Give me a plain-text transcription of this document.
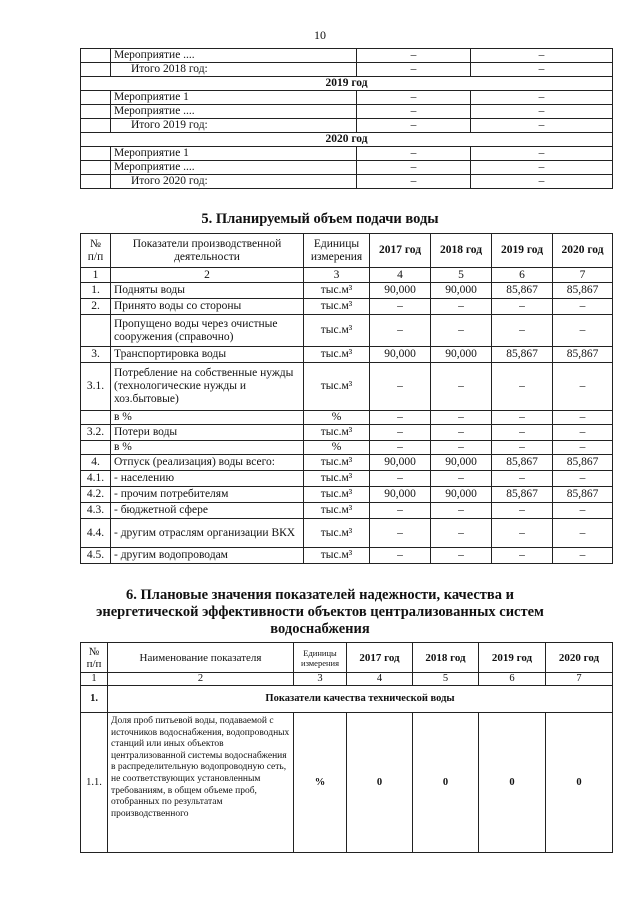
10
	Мероприятие ....	–	–
	Итого 2018 год:	–	–
2019 год			
	Мероприятие 1	–	–
	Мероприятие ....	–	–
	Итого 2019 год:	–	–
2020 год			
	Мероприятие 1	–	–
	Мероприятие ....	–	–
	Итого 2020 год:	–	–
5. Планируемый объем подачи воды
№ п/п	Показатели производственной деятельности	Единицы измерения	2017 год	2018 год	2019 год	2020 год
1	2	3	4	5	6	7
1.	Подняты воды	тыс.м³	90,000	90,000	85,867	85,867
2.	Принято воды со стороны	тыс.м³	–	–	–	–
	Пропущено воды через очистные сооружения (справочно)	тыс.м³	–	–	–	–
3.	Транспортировка воды	тыс.м³	90,000	90,000	85,867	85,867
3.1.	Потребление на собственные нужды (технологические нужды и хоз.бытовые)	тыс.м³	–	–	–	–
	в %	%	–	–	–	–
3.2.	Потери воды	тыс.м³	–	–	–	–
	в %	%	–	–	–	–
4.	Отпуск (реализация) воды всего:	тыс.м³	90,000	90,000	85,867	85,867
4.1.	- населению	тыс.м³	–	–	–	–
4.2.	- прочим потребителям	тыс.м³	90,000	90,000	85,867	85,867
4.3.	- бюджетной сфере	тыс.м³	–	–	–	–
4.4.	- другим отраслям организации ВКХ	тыс.м³	–	–	–	–
4.5.	- другим водопроводам	тыс.м³	–	–	–	–
6. Плановые значения показателей надежности, качества и
энергетической эффективности объектов централизованных систем
водоснабжения
№ п/п	Наименование показателя	Единицы измерения	2017 год	2018 год	2019 год	2020 год
1	2	3	4	5	6	7
1.	Показатели качества технической воды					
1.1.	Доля проб питьевой воды, подаваемой с источников водоснабжения, водопроводных станций или иных объектов централизованной системы водоснабжения в распределительную водопроводную сеть, не соответствующих установленным требованиям, в общем объеме проб, отобранных по результатам производственного	%	0	0	0	0
